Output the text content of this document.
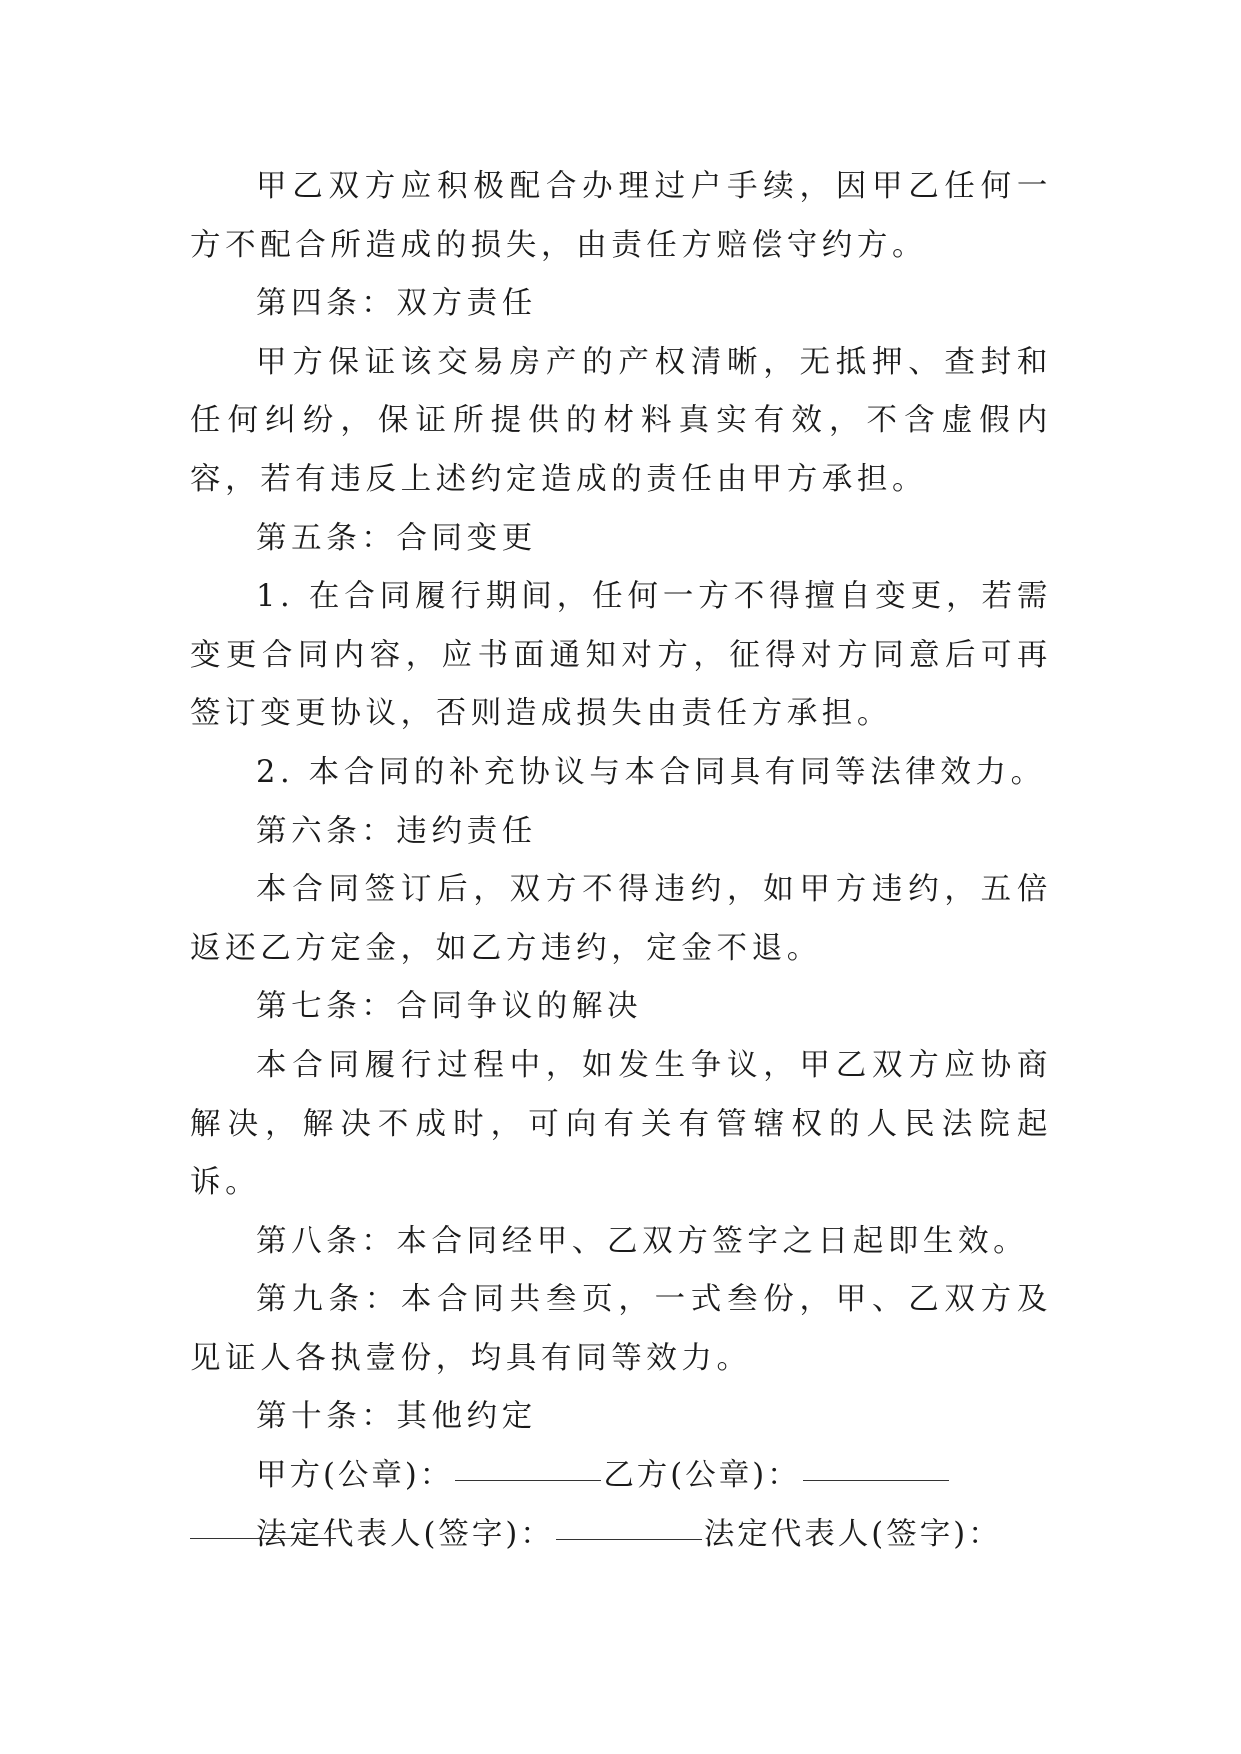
甲乙双方应积极配合办理过户手续，因甲乙任何一方不配合所造成的损失，由责任方赔偿守约方。

第四条：双方责任

甲方保证该交易房产的产权清晰，无抵押、查封和任何纠纷，保证所提供的材料真实有效，不含虚假内容，若有违反上述约定造成的责任由甲方承担。

第五条：合同变更

1. 在合同履行期间，任何一方不得擅自变更，若需变更合同内容，应书面通知对方，征得对方同意后可再签订变更协议，否则造成损失由责任方承担。

2. 本合同的补充协议与本合同具有同等法律效力。

第六条：违约责任

本合同签订后，双方不得违约，如甲方违约，五倍返还乙方定金，如乙方违约，定金不退。

第七条：合同争议的解决

本合同履行过程中，如发生争议，甲乙双方应协商解决，解决不成时，可向有关有管辖权的人民法院起诉。

第八条：本合同经甲、乙双方签字之日起即生效。

第九条：本合同共叁页，一式叁份，甲、乙双方及见证人各执壹份，均具有同等效力。

第十条：其他约定

甲方(公章)：	乙方(公章)：

法定代表人(签字)：	法定代表人(签字)：
